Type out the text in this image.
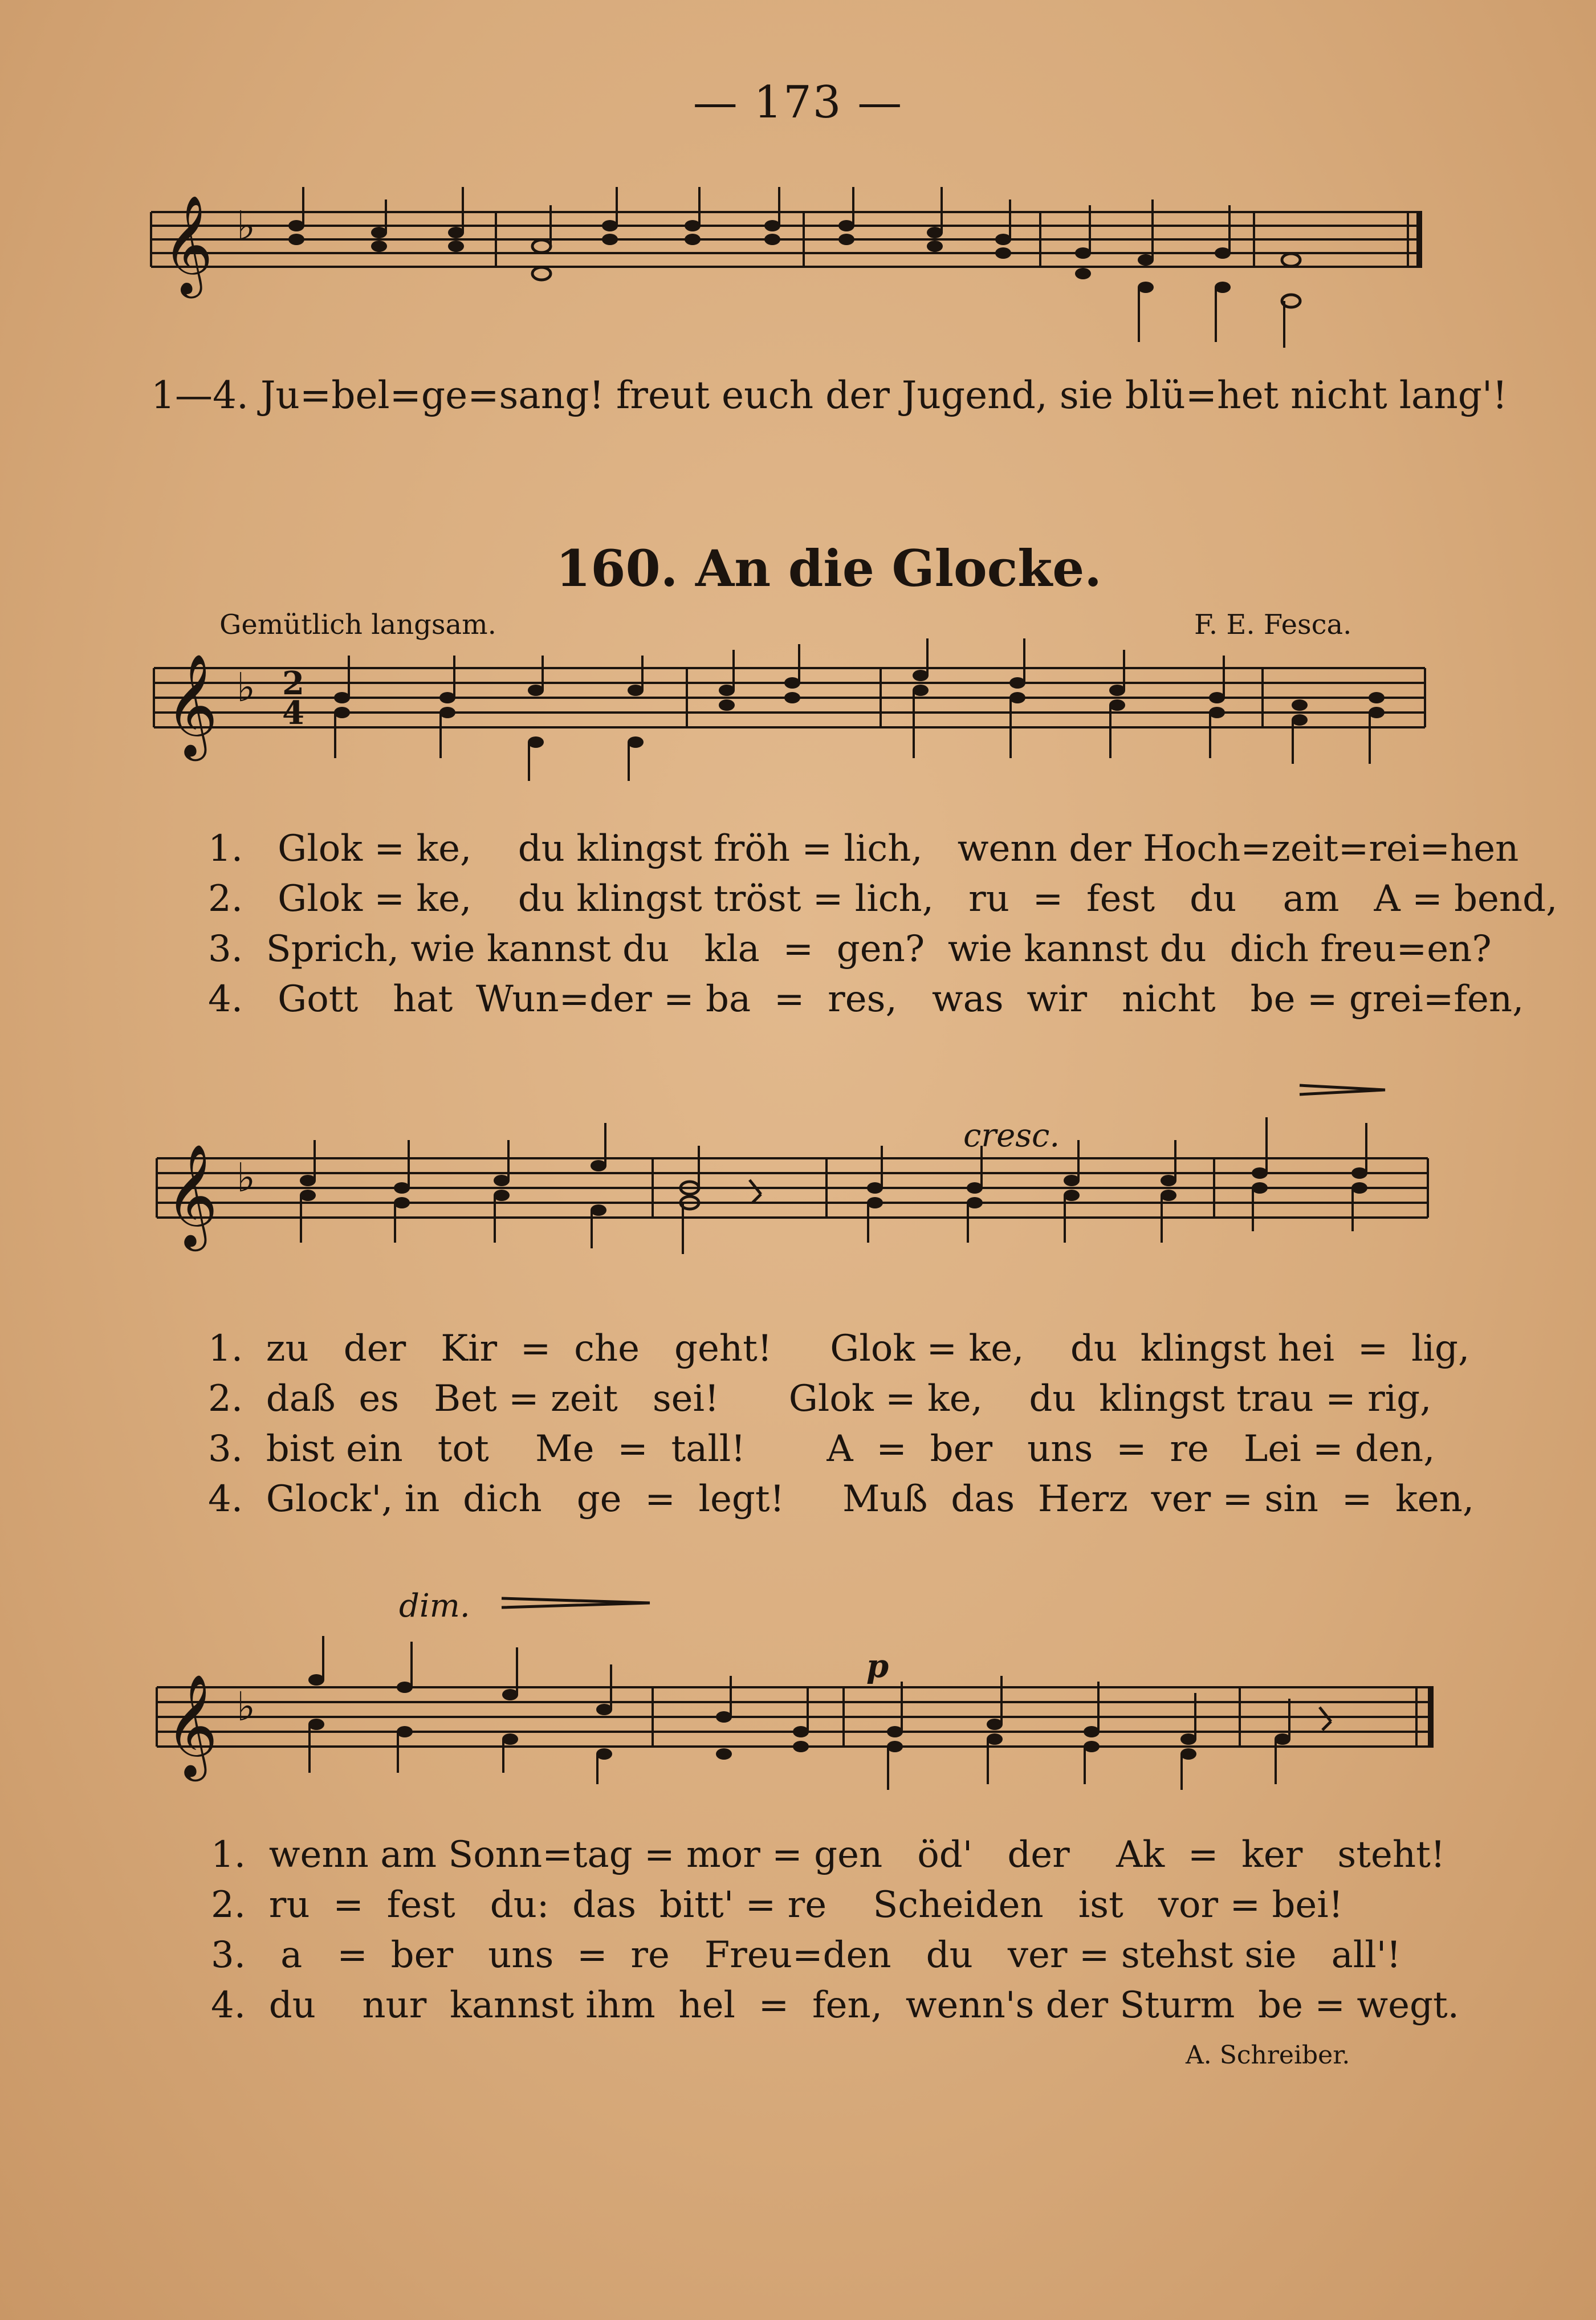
— 173 —
𝄞 ♭
1—4. Ju=bel=ge=sang! freut euch der Jugend, sie blü=het nicht lang'!
160. An die Glocke.
Gemütlich langsam.	F. E. Fesca.
𝄞 ♭ 2
4
1.   Glok = ke,    du klingst fröh = lich,   wenn der Hoch=zeit=rei=hen
2.   Glok = ke,    du klingst tröst = lich,   ru  =  fest   du    am   A = bend,
3.  Sprich, wie kannst du   kla  =  gen?  wie kannst du  dich freu=en?
4.   Gott   hat  Wun=der = ba  =  res,   was  wir   nicht   be = grei=fen,
cresc.
𝄞 ♭
1.  zu   der   Kir  =  che   geht!     Glok = ke,    du  klingst hei  =  lig,
2.  daß  es   Bet = zeit   sei!      Glok = ke,    du  klingst trau = rig,
3.  bist ein   tot    Me  =  tall!       A  =  ber   uns  =  re   Lei = den,
4.  Glock', in  dich   ge  =  legt!     Muß  das  Herz  ver = sin  =  ken,
dim.
p
𝄞 ♭
1.  wenn am Sonn=tag = mor = gen   öd'   der    Ak  =  ker   steht!
2.  ru  =  fest   du:  das  bitt' = re    Scheiden   ist   vor = bei!
3.   a   =  ber   uns  =  re   Freu=den   du   ver = stehst sie   all'!
4.  du    nur  kannst ihm  hel  =  fen,  wenn's der Sturm  be = wegt.
A. Schreiber.
